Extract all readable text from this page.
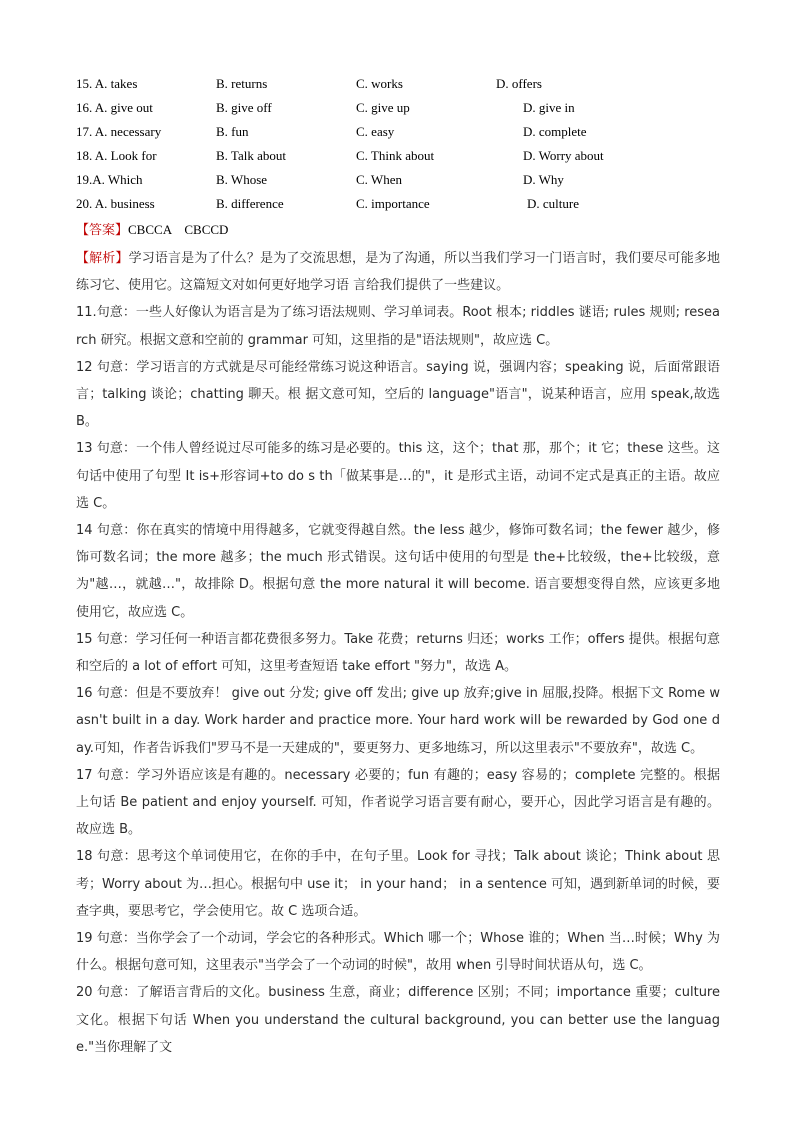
15. A. takes	B. returns	C. works	D. offers
16. A. give out	B. give off	C. give up	D. give in
17. A. necessary	B. fun	C. easy	D. complete
18. A. Look for	B. Talk about	C. Think about	D. Worry about
19.A. Which	B. Whose	C. When	D. Why
20. A. business	B. difference	C. importance	D. culture
【答案】CBCCA    CBCCD

【解析】学习语言是为了什么？是为了交流思想，是为了沟通，所以当我们学习一门语言时，我们要尽可能多地练习它、使用它。这篇短文对如何更好地学习语 言给我们提供了一些建议。

11.句意：一些人好像认为语言是为了练习语法规则、学习单词表。Root 根本; riddles 谜语; rules 规则; research 研究。根据文意和空前的 grammar 可知，这里指的是"语法规则"，故应选 C。

12 句意：学习语言的方式就是尽可能经常练习说这种语言。saying 说，强调内容；speaking 说，后面常跟语言；talking 谈论；chatting 聊天。根 据文意可知，空后的 language"语言"，说某种语言，应用 speak,故选 B。

13 句意：一个伟人曾经说过尽可能多的练习是必要的。this 这，这个；that 那，那个；it 它；these 这些。这句话中使用了句型 It is+形容词+to do s th「做某事是…的"，it 是形式主语，动词不定式是真正的主语。故应选 C。

14 句意：你在真实的情境中用得越多，它就变得越自然。the less 越少，修饰可数名词；the fewer 越少，修饰可数名词；the more 越多；the much 形式错误。这句话中使用的句型是 the+比较级，the+比较级，意为"越…，就越…"，故排除 D。根据句意 the more natural it will become. 语言要想变得自然，应该更多地使用它，故应选 C。

15 句意：学习任何一种语言都花费很多努力。Take 花费；returns 归还；works 工作；offers 提供。根据句意和空后的 a lot of effort 可知，这里考查短语 take effort "努力"，故选 A。

16 句意：但是不要放弃！ give out 分发; give off 发出; give up 放弃;give in 屈服,投降。根据下文 Rome wasn't built in a day. Work harder and practice more. Your hard work will be rewarded by God one day.可知，作者告诉我们"罗马不是一天建成的"，要更努力、更多地练习，所以这里表示"不要放弃"，故选 C。

17 句意：学习外语应该是有趣的。necessary 必要的；fun 有趣的；easy 容易的；complete 完整的。根据上句话 Be patient and enjoy yourself. 可知，作者说学习语言要有耐心，要开心，因此学习语言是有趣的。故应选 B。

18 句意：思考这个单词使用它，在你的手中，在句子里。Look for 寻找；Talk about 谈论；Think about 思考；Worry about 为…担心。根据句中 use it； in your hand； in a sentence 可知，遇到新单词的时候，要查字典，要思考它，学会使用它。故 C 选项合适。

19 句意：当你学会了一个动词，学会它的各种形式。Which 哪一个；Whose 谁的；When 当…时候；Why 为什么。根据句意可知，这里表示"当学会了一个动词的时候"，故用 when 引导时间状语从句，选 C。

20 句意：了解语言背后的文化。business 生意，商业；difference 区别；不同；importance 重要；culture 文化。根据下句话 When you understand the cultural background, you can better use the language."当你理解了文
